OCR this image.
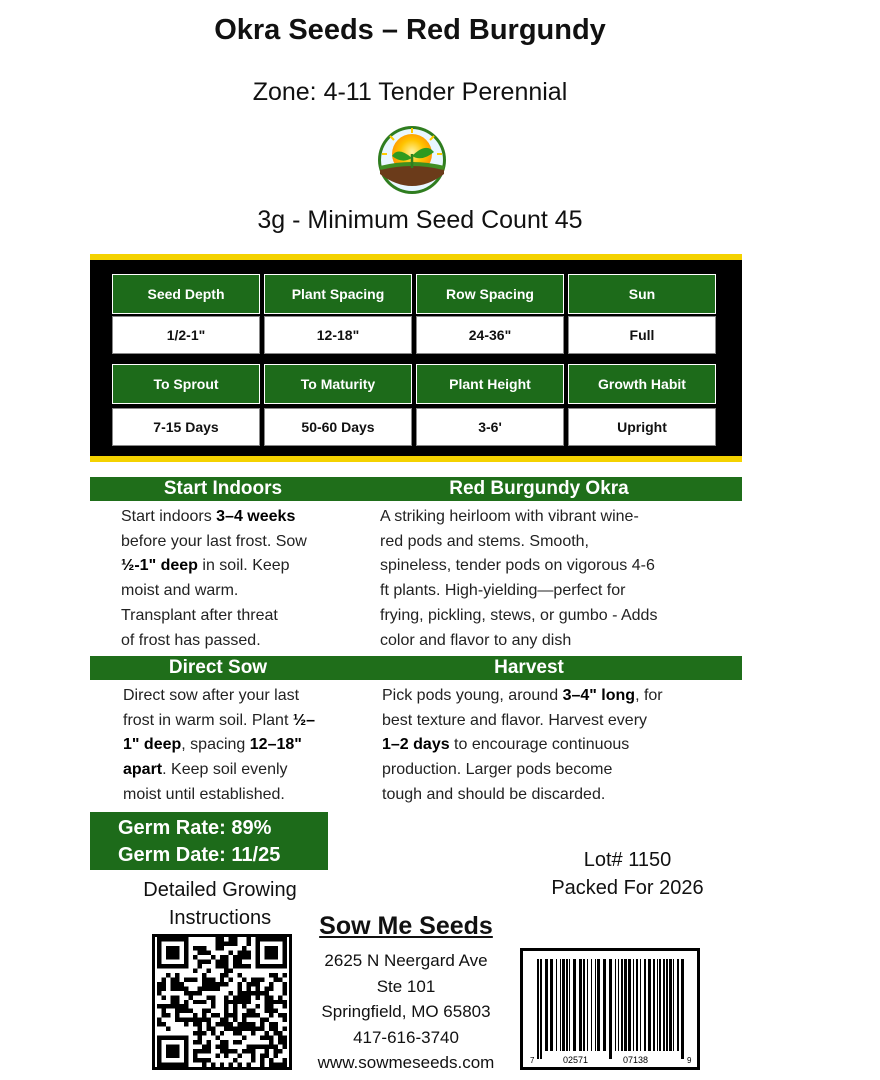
Okra Seeds – Red Burgundy
Zone: 4-11 Tender Perennial
3g - Minimum Seed Count 45
Seed Depth	Plant Spacing	Row Spacing	Sun
1/2-1"	12-18"	24-36"	Full
To Sprout	To Maturity	Plant Height	Growth Habit
7-15 Days	50-60 Days	3-6'	Upright
Start Indoors	Red Burgundy Okra
Start indoors 3–4 weeks
before your last frost. Sow
½-1" deep in soil. Keep
moist and warm.
Transplant after threat
of frost has passed.
A striking heirloom with vibrant wine-
red pods and stems. Smooth,
spineless, tender pods on vigorous 4-6
ft plants. High-yielding—perfect for
frying, pickling, stews, or gumbo - Adds
color and flavor to any dish
Direct Sow	Harvest
Direct sow after your last
frost in warm soil. Plant ½–
1" deep, spacing 12–18"
apart. Keep soil evenly
moist until established.
Pick pods young, around 3–4" long, for
best texture and flavor. Harvest every
1–2 days to encourage continuous
production. Larger pods become
tough and should be discarded.
Germ Rate: 89%
Germ Date: 11/25	Lot# 1150
Packed For 2026
Detailed Growing
Instructions	Sow Me Seeds
2625 N Neergard Ave
Ste 101
Springfield, MO 65803
417-616-3740
www.sowmeseeds.com	7	02571	07138	9
